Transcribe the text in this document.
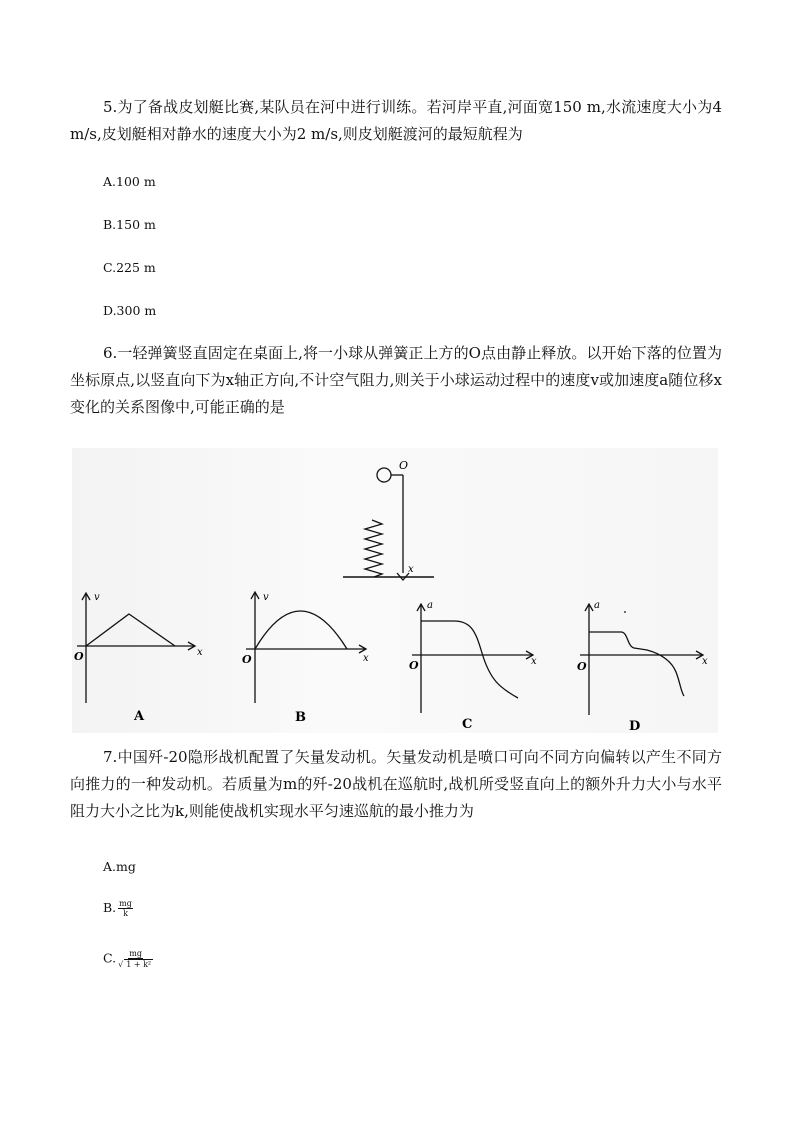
5.为了备战皮划艇比赛,某队员在河中进行训练。若河岸平直,河面宽150 m,水流速度大小为4 m/s,皮划艇相对静水的速度大小为2 m/s,则皮划艇渡河的最短航程为
A.100 m
B.150 m
C.225 m
D.300 m
6.一轻弹簧竖直固定在桌面上,将一小球从弹簧正上方的O点由静止释放。以开始下落的位置为坐标原点,以竖直向下为x轴正方向,不计空气阻力,则关于小球运动过程中的速度v或加速度a随位移x变化的关系图像中,可能正确的是
O
x
v
x
O
A
v
x
O
B
a
x
O
C
a
x
O
D
7.中国歼-20隐形战机配置了矢量发动机。矢量发动机是喷口可向不同方向偏转以产生不同方向推力的一种发动机。若质量为m的歼-20战机在巡航时,战机所受竖直向上的额外升力大小与水平阻力大小之比为k,则能使战机实现水平匀速巡航的最小推力为
A.mg
B. $\frac{mg}{k}$
C. $\frac{mg}{\text{√ 1 + k²}}$
